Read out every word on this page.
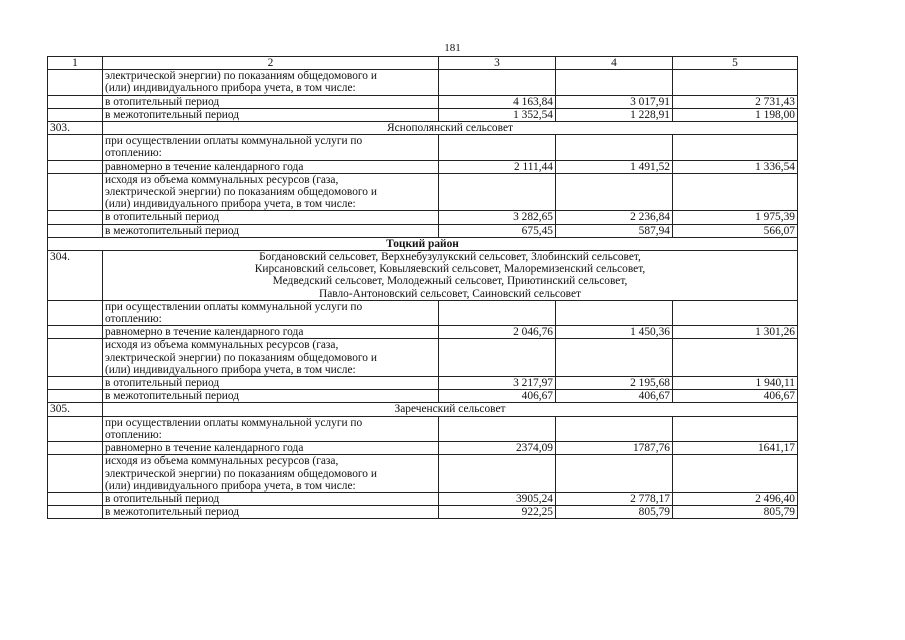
181
1	2	3	4	5

	электрической энергии) по показаниям общедомового и
(или) индивидуального прибора учета, в том числе:			

	в отопительный период	4 163,84	3 017,91	2 731,43
	в межотопительный период	1 352,54	1 228,91	1 198,00
303.	Яснополянский сельсовет			

	при осуществлении оплаты коммунальной услуги по
отоплению:			

	равномерно в течение календарного года	2 111,44	1 491,52	1 336,54

	исходя из объема коммунальных ресурсов (газа,
электрической энергии) по показаниям общедомового и
(или) индивидуального прибора учета, в том числе:			

	в отопительный период	3 282,65	2 236,84	1 975,39
	в межотопительный период	675,45	587,94	566,07
Тоцкий район				
304.	Богдановский сельсовет, Верхнебузулукский сельсовет, Злобинский сельсовет,
Кирсановский сельсовет, Ковыляевский сельсовет, Малоремизенский сельсовет,
Медведский сельсовет, Молодежный сельсовет, Приютинский сельсовет,
Павло-Антоновский сельсовет, Саиновский сельсовет			

	при осуществлении оплаты коммунальной услуги по
отоплению:			

	равномерно в течение календарного года	2 046,76	1 450,36	1 301,26

	исходя из объема коммунальных ресурсов (газа,
электрической энергии) по показаниям общедомового и
(или) индивидуального прибора учета, в том числе:			

	в отопительный период	3 217,97	2 195,68	1 940,11
	в межотопительный период	406,67	406,67	406,67
305.	Зареченский сельсовет			

	при осуществлении оплаты коммунальной услуги по
отоплению:			

	равномерно в течение календарного года	2374,09	1787,76	1641,17

	исходя из объема коммунальных ресурсов (газа,
электрической энергии) по показаниям общедомового и
(или) индивидуального прибора учета, в том числе:			

	в отопительный период	3905,24	2 778,17	2 496,40
	в межотопительный период	922,25	805,79	805,79
